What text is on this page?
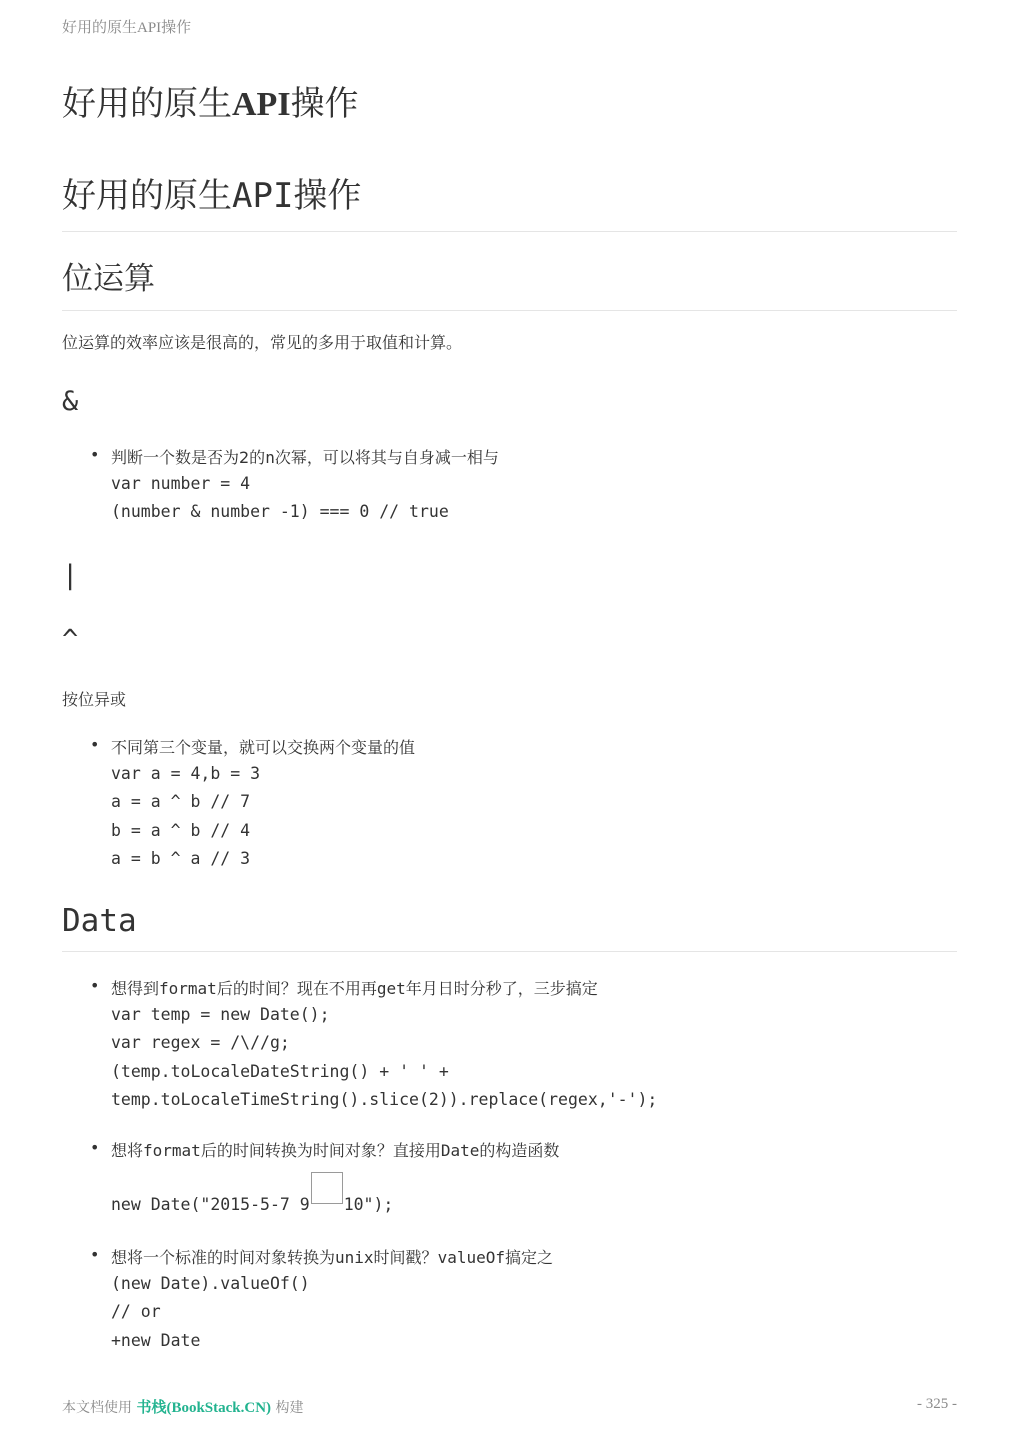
好用的原生API操作
好用的原生API操作
好用的原生API操作
位运算
位运算的效率应该是很高的，常见的多用于取值和计算。
&
• 判断一个数是否为2的n次幂，可以将其与自身减一相与
var number = 4
(number & number -1) === 0 // true
|
^
按位异或
• 不同第三个变量，就可以交换两个变量的值
var a = 4,b = 3
a = a ^ b // 7
b = a ^ b // 4
a = b ^ a // 3
Data
• 想得到format后的时间？现在不用再get年月日时分秒了，三步搞定
var temp = new Date();
var regex = /\//g;
(temp.toLocaleDateString() + ' ' +
temp.toLocaleTimeString().slice(2)).replace(regex,'-');
• 想将format后的时间转换为时间对象？直接用Date的构造函数
new Date("2015-5-7 9 10");
• 想将一个标准的时间对象转换为unix时间戳？valueOf搞定之
(new Date).valueOf()
// or
+new Date
本文档使用 书栈(BookStack.CN) 构建	- 325 -
